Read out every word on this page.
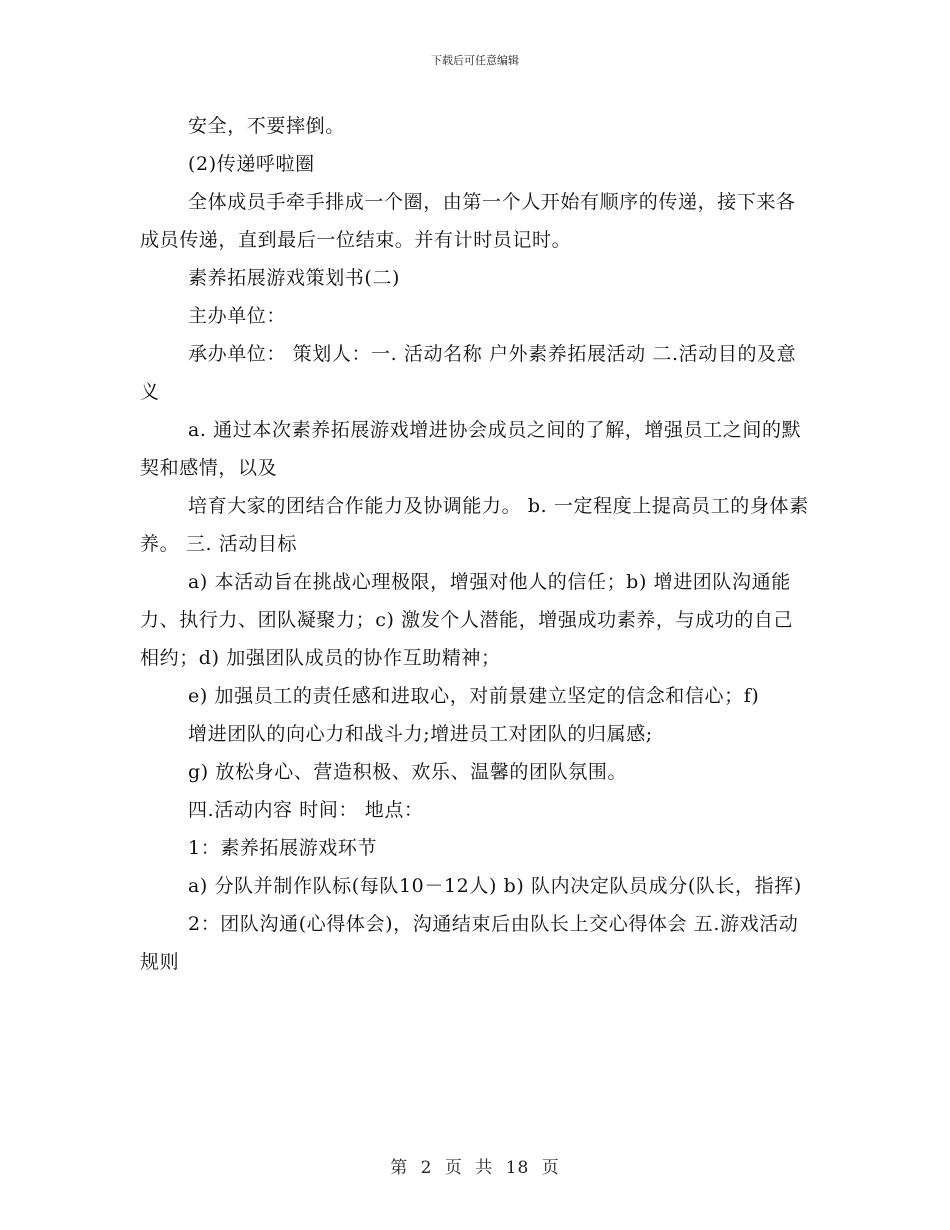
下载后可任意编辑

安全，不要摔倒。

(2)传递呼啦圈

全体成员手牵手排成一个圈，由第一个人开始有顺序的传递，接下来各成员传递，直到最后一位结束。并有计时员记时。

素养拓展游戏策划书(二)

主办单位：

承办单位： 策划人：一. 活动名称 户外素养拓展活动 二.活动目的及意义

a. 通过本次素养拓展游戏增进协会成员之间的了解，增强员工之间的默契和感情，以及

培育大家的团结合作能力及协调能力。 b. 一定程度上提高员工的身体素养。 三. 活动目标

a) 本活动旨在挑战心理极限，增强对他人的信任；b) 增进团队沟通能力、执行力、团队凝聚力；c) 激发个人潜能，增强成功素养，与成功的自己相约；d) 加强团队成员的协作互助精神；

e) 加强员工的责任感和进取心，对前景建立坚定的信念和信心；f)

增进团队的向心力和战斗力;增进员工对团队的归属感;

g) 放松身心、营造积极、欢乐、温馨的团队氛围。

四.活动内容 时间： 地点：

1：素养拓展游戏环节

a) 分队并制作队标(每队10－12人) b) 队内决定队员成分(队长，指挥)

2：团队沟通(心得体会)，沟通结束后由队长上交心得体会 五.游戏活动规则

第 2 页 共 18 页
